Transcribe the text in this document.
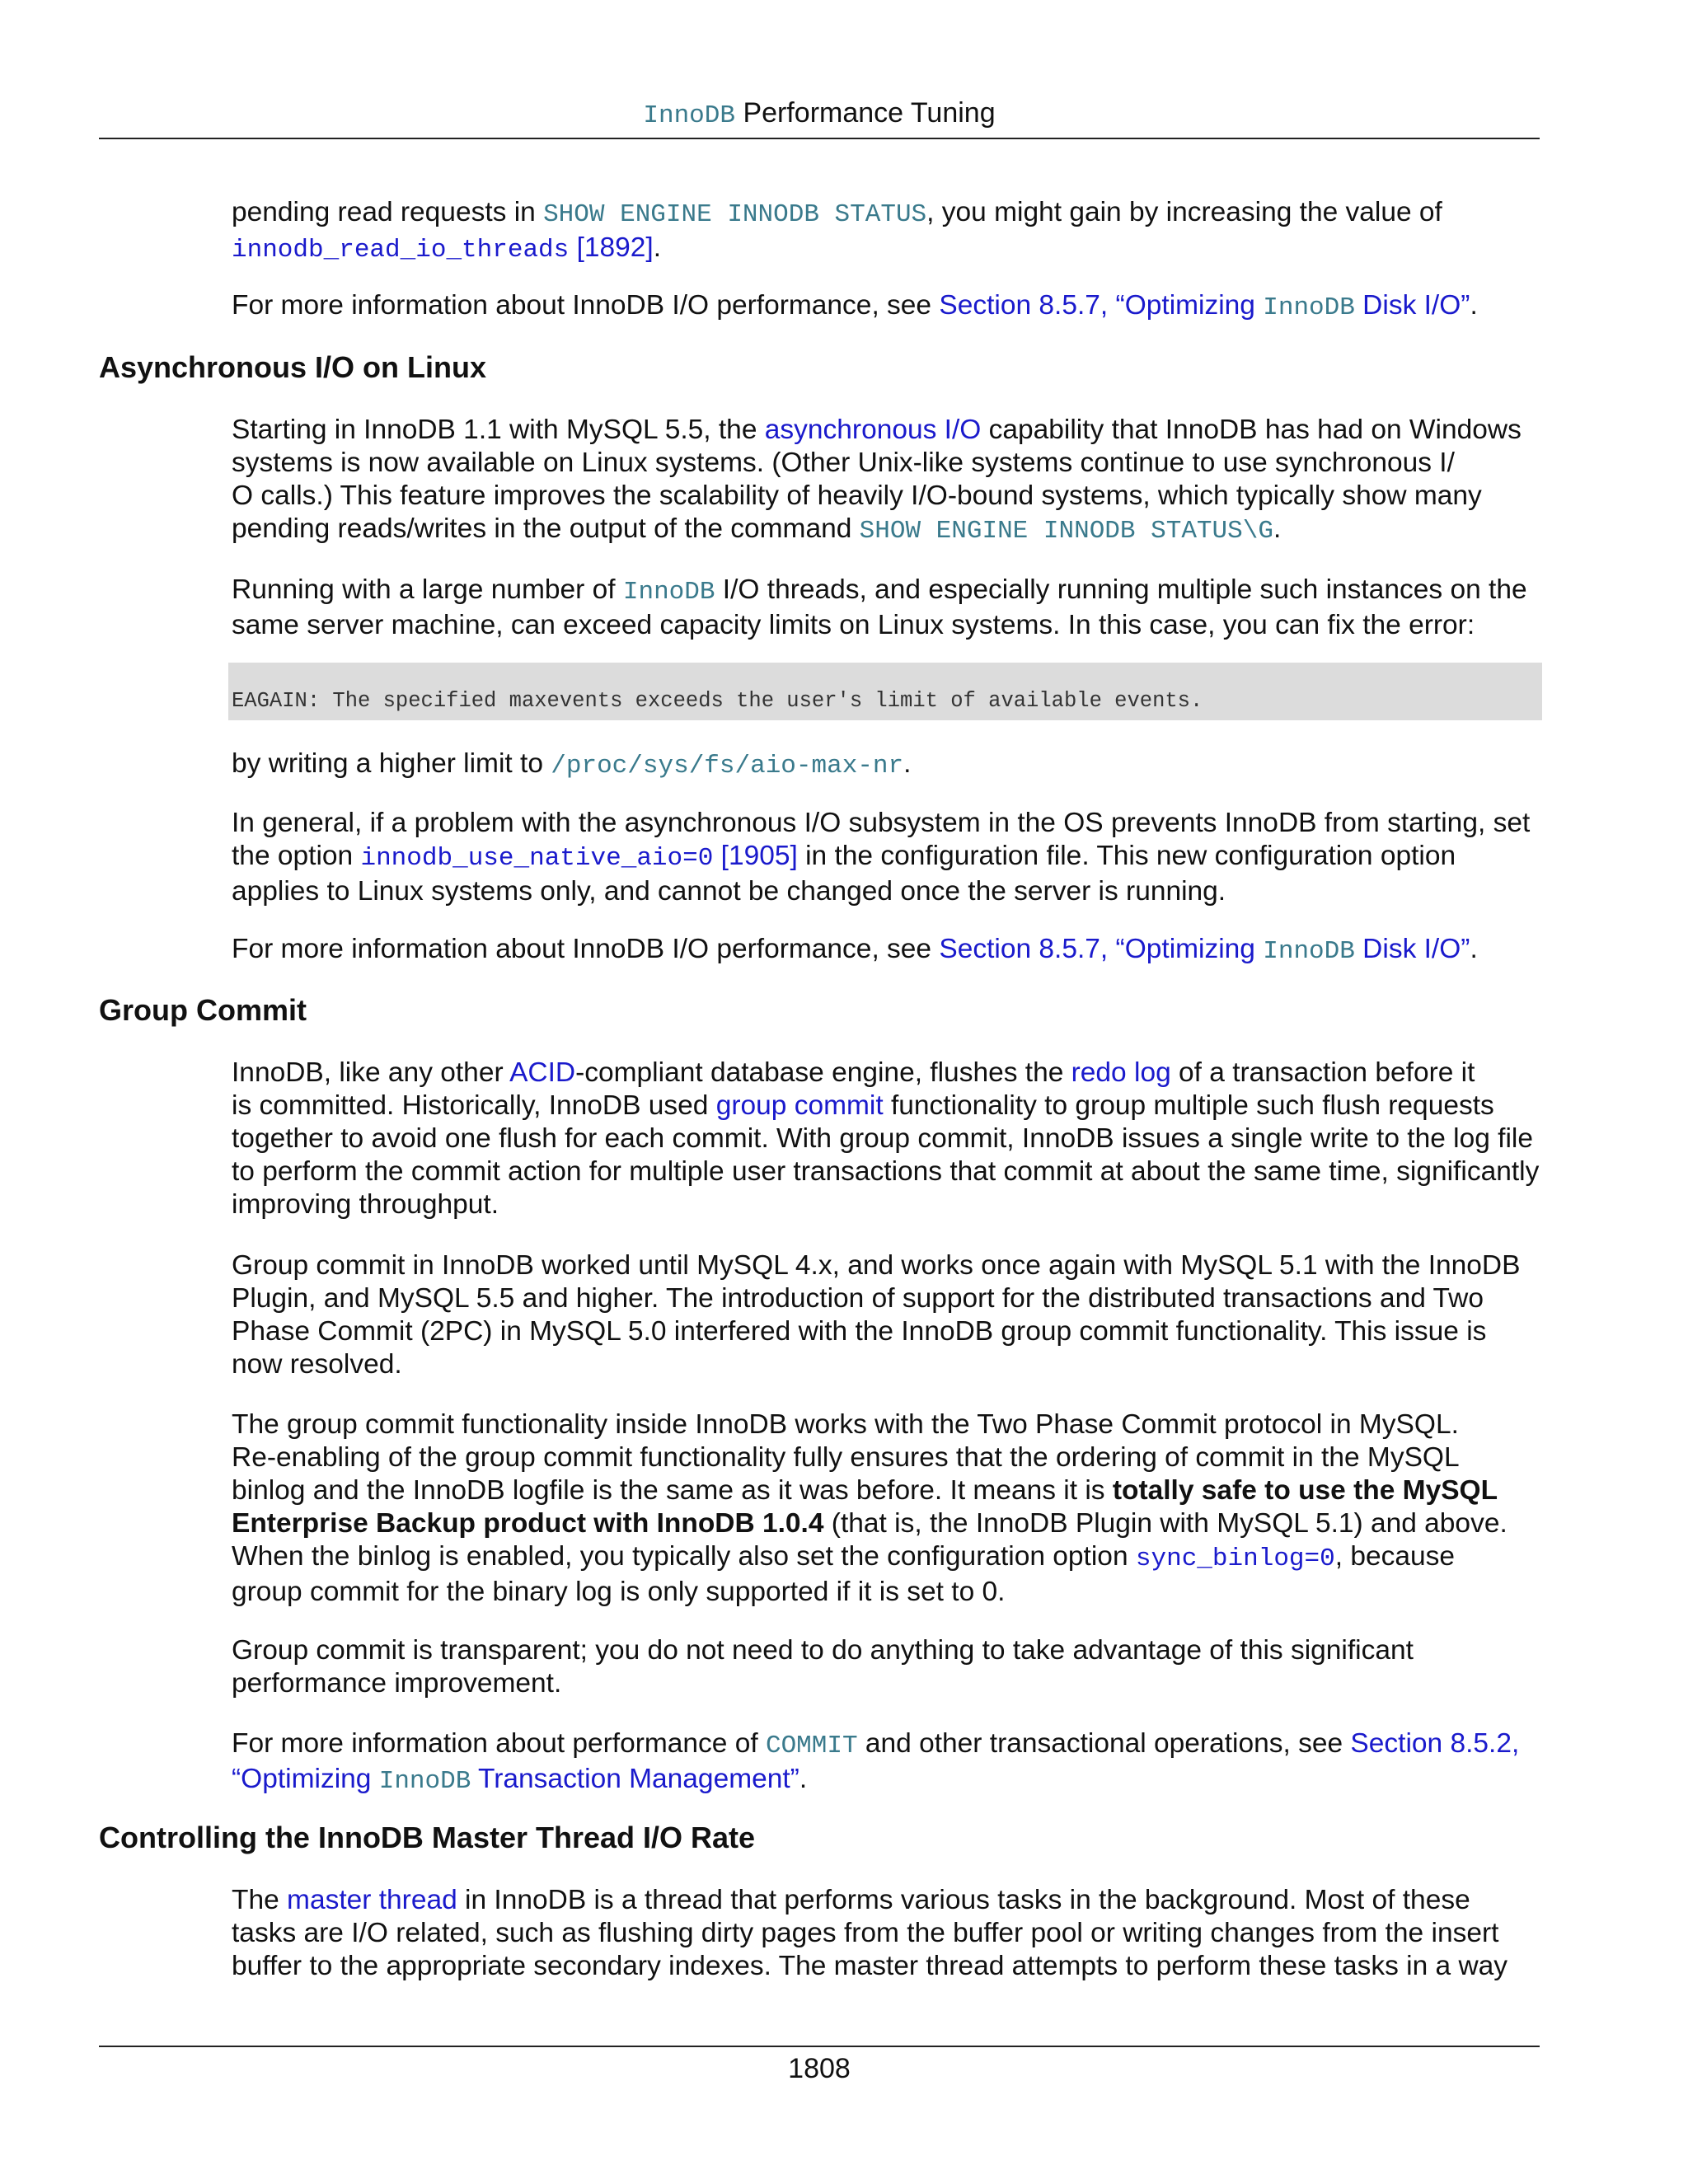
InnoDB Performance Tuning

pending read requests in SHOW ENGINE INNODB STATUS, you might gain by increasing the value of
innodb_read_io_threads [1892].

For more information about InnoDB I/O performance, see Section 8.5.7, “Optimizing InnoDB Disk I/O”.

Asynchronous I/O on Linux

Starting in InnoDB 1.1 with MySQL 5.5, the asynchronous I/O capability that InnoDB has had on Windows
systems is now available on Linux systems. (Other Unix-like systems continue to use synchronous I/
O calls.) This feature improves the scalability of heavily I/O-bound systems, which typically show many
pending reads/writes in the output of the command SHOW ENGINE INNODB STATUS\G.

Running with a large number of InnoDB I/O threads, and especially running multiple such instances on the
same server machine, can exceed capacity limits on Linux systems. In this case, you can fix the error:

EAGAIN: The specified maxevents exceeds the user's limit of available events.

by writing a higher limit to /proc/sys/fs/aio-max-nr.

In general, if a problem with the asynchronous I/O subsystem in the OS prevents InnoDB from starting, set
the option innodb_use_native_aio=0 [1905] in the configuration file. This new configuration option
applies to Linux systems only, and cannot be changed once the server is running.

For more information about InnoDB I/O performance, see Section 8.5.7, “Optimizing InnoDB Disk I/O”.

Group Commit

InnoDB, like any other ACID-compliant database engine, flushes the redo log of a transaction before it
is committed. Historically, InnoDB used group commit functionality to group multiple such flush requests
together to avoid one flush for each commit. With group commit, InnoDB issues a single write to the log file
to perform the commit action for multiple user transactions that commit at about the same time, significantly
improving throughput.

Group commit in InnoDB worked until MySQL 4.x, and works once again with MySQL 5.1 with the InnoDB
Plugin, and MySQL 5.5 and higher. The introduction of support for the distributed transactions and Two
Phase Commit (2PC) in MySQL 5.0 interfered with the InnoDB group commit functionality. This issue is
now resolved.

The group commit functionality inside InnoDB works with the Two Phase Commit protocol in MySQL.
Re-enabling of the group commit functionality fully ensures that the ordering of commit in the MySQL
binlog and the InnoDB logfile is the same as it was before. It means it is totally safe to use the MySQL
Enterprise Backup product with InnoDB 1.0.4 (that is, the InnoDB Plugin with MySQL 5.1) and above.
When the binlog is enabled, you typically also set the configuration option sync_binlog=0, because
group commit for the binary log is only supported if it is set to 0.

Group commit is transparent; you do not need to do anything to take advantage of this significant
performance improvement.

For more information about performance of COMMIT and other transactional operations, see Section 8.5.2,
“Optimizing InnoDB Transaction Management”.

Controlling the InnoDB Master Thread I/O Rate

The master thread in InnoDB is a thread that performs various tasks in the background. Most of these
tasks are I/O related, such as flushing dirty pages from the buffer pool or writing changes from the insert
buffer to the appropriate secondary indexes. The master thread attempts to perform these tasks in a way

1808
